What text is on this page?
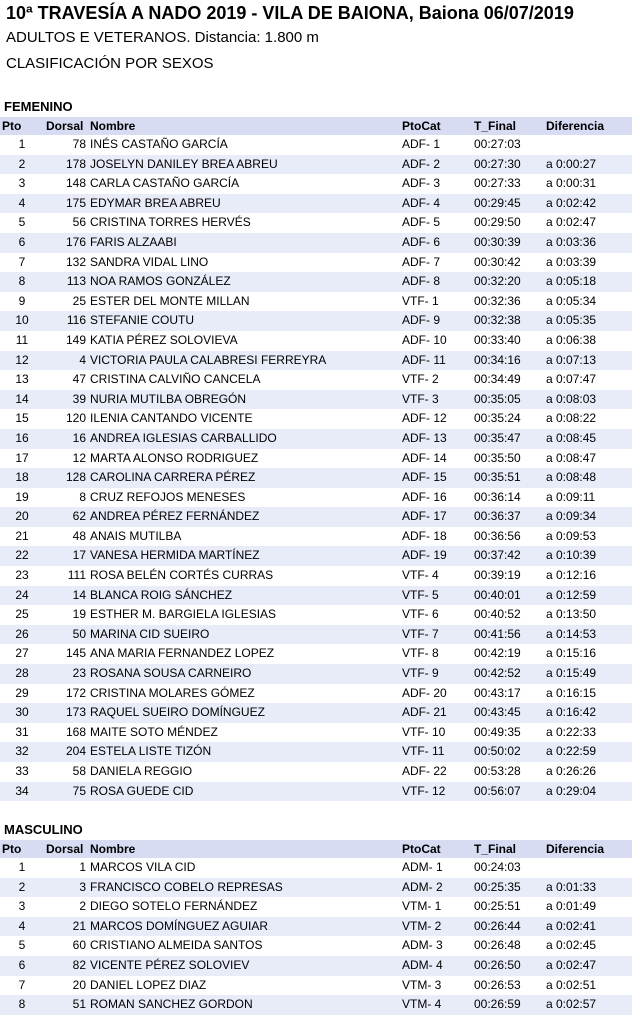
10ª TRAVESÍA A NADO 2019 - VILA DE BAIONA, Baiona 06/07/2019
ADULTOS E VETERANOS. Distancia: 1.800 m
CLASIFICACIÓN POR SEXOS
FEMENINO
Pto	Dorsal	Nombre	PtoCat	T_Final	Diferencia
1	78	INÉS CASTAÑO GARCÍA	ADF- 1	00:27:03	
2	178	JOSELYN DANILEY BREA ABREU	ADF- 2	00:27:30	a 0:00:27
3	148	CARLA CASTAÑO GARCÍA	ADF- 3	00:27:33	a 0:00:31
4	175	EDYMAR BREA ABREU	ADF- 4	00:29:45	a 0:02:42
5	56	CRISTINA TORRES HERVÉS	ADF- 5	00:29:50	a 0:02:47
6	176	FARIS ALZAABI	ADF- 6	00:30:39	a 0:03:36
7	132	SANDRA VIDAL LINO	ADF- 7	00:30:42	a 0:03:39
8	113	NOA RAMOS GONZÁLEZ	ADF- 8	00:32:20	a 0:05:18
9	25	ESTER DEL MONTE MILLAN	VTF- 1	00:32:36	a 0:05:34
10	116	STEFANIE COUTU	ADF- 9	00:32:38	a 0:05:35
11	149	KATIA PÉREZ SOLOVIEVA	ADF- 10	00:33:40	a 0:06:38
12	4	VICTORIA PAULA CALABRESI FERREYRA	ADF- 11	00:34:16	a 0:07:13
13	47	CRISTINA CALVIÑO CANCELA	VTF- 2	00:34:49	a 0:07:47
14	39	NURIA MUTILBA OBREGÓN	VTF- 3	00:35:05	a 0:08:03
15	120	ILENIA CANTANDO VICENTE	ADF- 12	00:35:24	a 0:08:22
16	16	ANDREA IGLESIAS CARBALLIDO	ADF- 13	00:35:47	a 0:08:45
17	12	MARTA ALONSO RODRIGUEZ	ADF- 14	00:35:50	a 0:08:47
18	128	CAROLINA CARRERA PÉREZ	ADF- 15	00:35:51	a 0:08:48
19	8	CRUZ REFOJOS MENESES	ADF- 16	00:36:14	a 0:09:11
20	62	ANDREA PÉREZ FERNÁNDEZ	ADF- 17	00:36:37	a 0:09:34
21	48	ANAIS MUTILBA	ADF- 18	00:36:56	a 0:09:53
22	17	VANESA HERMIDA MARTÍNEZ	ADF- 19	00:37:42	a 0:10:39
23	111	ROSA BELÉN CORTÉS CURRAS	VTF- 4	00:39:19	a 0:12:16
24	14	BLANCA ROIG SÁNCHEZ	VTF- 5	00:40:01	a 0:12:59
25	19	ESTHER M. BARGIELA IGLESIAS	VTF- 6	00:40:52	a 0:13:50
26	50	MARINA CID SUEIRO	VTF- 7	00:41:56	a 0:14:53
27	145	ANA MARIA FERNANDEZ LOPEZ	VTF- 8	00:42:19	a 0:15:16
28	23	ROSANA SOUSA CARNEIRO	VTF- 9	00:42:52	a 0:15:49
29	172	CRISTINA MOLARES GÓMEZ	ADF- 20	00:43:17	a 0:16:15
30	173	RAQUEL SUEIRO DOMÍNGUEZ	ADF- 21	00:43:45	a 0:16:42
31	168	MAITE SOTO MÉNDEZ	VTF- 10	00:49:35	a 0:22:33
32	204	ESTELA LISTE TIZÓN	VTF- 11	00:50:02	a 0:22:59
33	58	DANIELA REGGIO	ADF- 22	00:53:28	a 0:26:26
34	75	ROSA GUEDE CID	VTF- 12	00:56:07	a 0:29:04
MASCULINO
Pto	Dorsal	Nombre	PtoCat	T_Final	Diferencia
1	1	MARCOS VILA CID	ADM- 1	00:24:03	
2	3	FRANCISCO COBELO REPRESAS	ADM- 2	00:25:35	a 0:01:33
3	2	DIEGO SOTELO FERNÁNDEZ	VTM- 1	00:25:51	a 0:01:49
4	21	MARCOS DOMÍNGUEZ AGUIAR	VTM- 2	00:26:44	a 0:02:41
5	60	CRISTIANO ALMEIDA SANTOS	ADM- 3	00:26:48	a 0:02:45
6	82	VICENTE PÉREZ SOLOVIEV	ADM- 4	00:26:50	a 0:02:47
7	20	DANIEL LOPEZ DIAZ	VTM- 3	00:26:53	a 0:02:51
8	51	ROMAN SANCHEZ GORDON	VTM- 4	00:26:59	a 0:02:57
